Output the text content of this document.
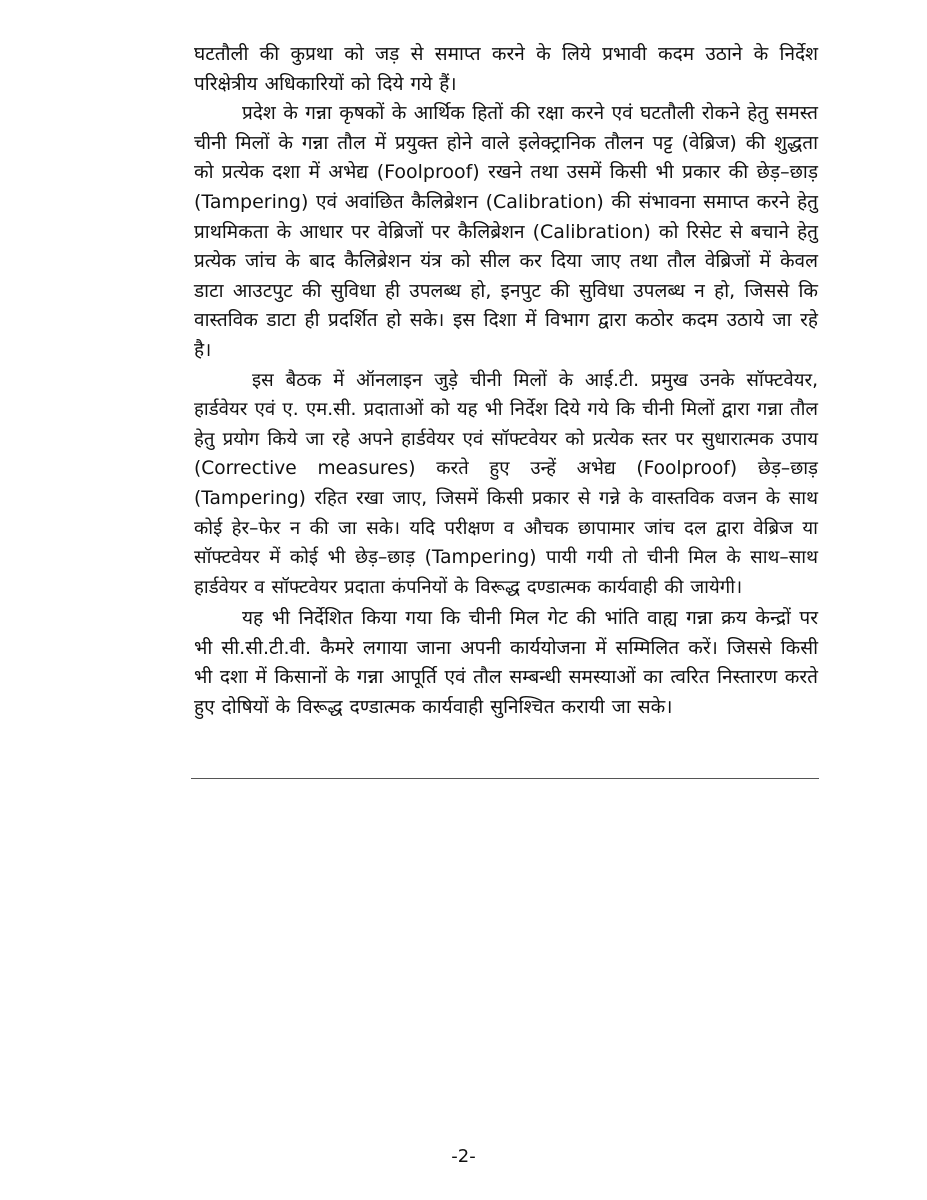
घटतौली की कुप्रथा को जड़ से समाप्त करने के लिये प्रभावी कदम उठाने के निर्देश परिक्षेत्रीय अधिकारियों को दिये गये हैं।

प्रदेश के गन्ना कृषकों के आर्थिक हितों की रक्षा करने एवं घटतौली रोकने हेतु समस्त चीनी मिलों के गन्ना तौल में प्रयुक्त होने वाले इलेक्ट्रानिक तौलन पट्ट (वेब्रिज) की शुद्धता को प्रत्येक दशा में अभेद्य (Foolproof) रखने तथा उसमें किसी भी प्रकार की छेड़–छाड़ (Tampering) एवं अवांछित कैलिब्रेशन (Calibration) की संभावना समाप्त करने हेतु प्राथमिकता के आधार पर वेब्रिजों पर कैलिब्रेशन (Calibration) को रिसेट से बचाने हेतु प्रत्येक जांच के बाद कैलिब्रेशन यंत्र को सील कर दिया जाए तथा तौल वेब्रिजों में केवल डाटा आउटपुट की सुविधा ही उपलब्ध हो, इनपुट की सुविधा उपलब्ध न हो, जिससे कि वास्तविक डाटा ही प्रदर्शित हो सके। इस दिशा में विभाग द्वारा कठोर कदम उठाये जा रहे है।

इस बैठक में ऑनलाइन जुड़े चीनी मिलों के आई.टी. प्रमुख उनके सॉफ्टवेयर, हार्डवेयर एवं ए. एम.सी. प्रदाताओं को यह भी निर्देश दिये गये कि चीनी मिलों द्वारा गन्ना तौल हेतु प्रयोग किये जा रहे अपने हार्डवेयर एवं सॉफ्टवेयर को प्रत्येक स्तर पर सुधारात्मक उपाय (Corrective measures) करते हुए उन्हें अभेद्य (Foolproof) छेड़–छाड़ (Tampering) रहित रखा जाए, जिसमें किसी प्रकार से गन्ने के वास्तविक वजन के साथ कोई हेर–फेर न की जा सके। यदि परीक्षण व औचक छापामार जांच दल द्वारा वेब्रिज या सॉफ्टवेयर में कोई भी छेड़–छाड़ (Tampering) पायी गयी तो चीनी मिल के साथ–साथ हार्डवेयर व सॉफ्टवेयर प्रदाता कंपनियों के विरूद्ध दण्डात्मक कार्यवाही की जायेगी।

यह भी निर्देशित किया गया कि चीनी मिल गेट की भांति वाह्य गन्ना क्रय केन्द्रों पर भी सी.सी.टी.वी. कैमरे लगाया जाना अपनी कार्ययोजना में सम्मिलित करें। जिससे किसी भी दशा में किसानों के गन्ना आपूर्ति एवं तौल सम्बन्धी समस्याओं का त्वरित निस्तारण करते हुए दोषियों के विरूद्ध दण्डात्मक कार्यवाही सुनिश्चित करायी जा सके।

-2-
